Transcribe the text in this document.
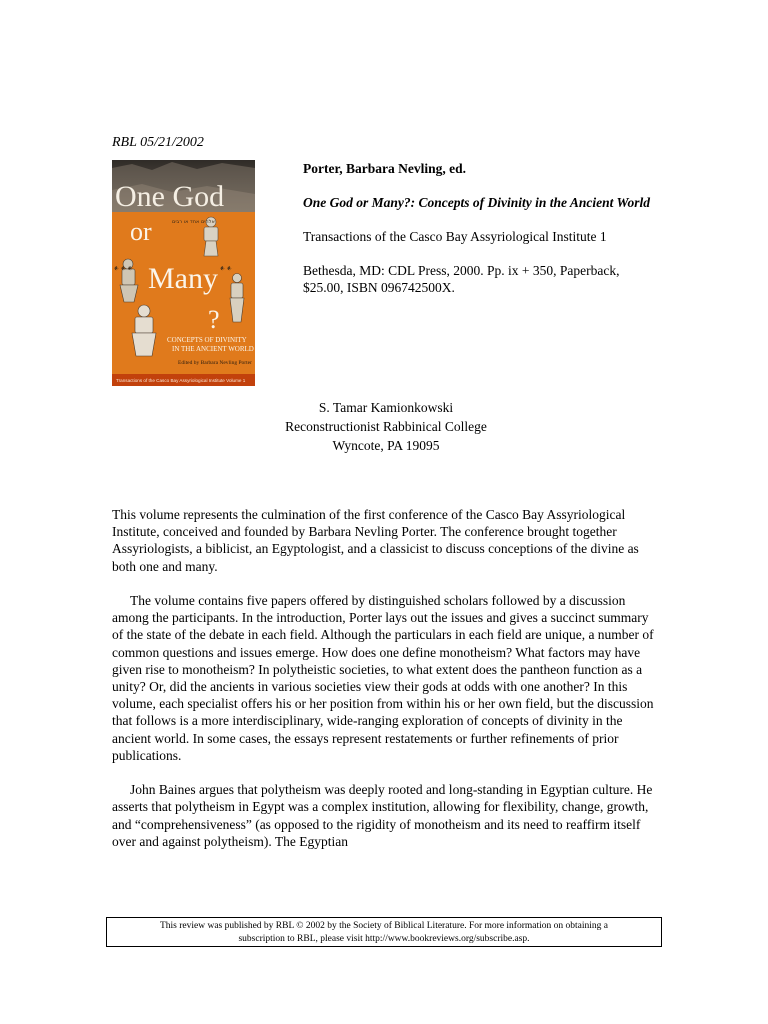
RBL 05/21/2002
One God
or
Many
?
אלהים אחד או רבים
𒀭 𒀭 𒀭	𒀭 𒀭
CONCEPTS OF DIVINITY
IN THE ANCIENT WORLD
Edited by Barbara Nevling Porter
Transactions of the Casco Bay Assyriological Institute Volume 1

Porter, Barbara Nevling, ed.

One God or Many?: Concepts of Divinity in the Ancient World

Transactions of the Casco Bay Assyriological Institute 1

Bethesda, MD: CDL Press, 2000. Pp. ix + 350, Paperback, $25.00, ISBN 096742500X.

S. Tamar Kamionkowski
Reconstructionist Rabbinical College
Wyncote, PA 19095

This volume represents the culmination of the first conference of the Casco Bay Assyriological Institute, conceived and founded by Barbara Nevling Porter. The conference brought together Assyriologists, a biblicist, an Egyptologist, and a classicist to discuss conceptions of the divine as both one and many.

The volume contains five papers offered by distinguished scholars followed by a discussion among the participants. In the introduction, Porter lays out the issues and gives a succinct summary of the state of the debate in each field. Although the particulars in each field are unique, a number of common questions and issues emerge. How does one define monotheism? What factors may have given rise to monotheism? In polytheistic societies, to what extent does the pantheon function as a unity? Or, did the ancients in various societies view their gods at odds with one another? In this volume, each specialist offers his or her position from within his or her own field, but the discussion that follows is a more interdisciplinary, wide-ranging exploration of concepts of divinity in the ancient world. In some cases, the essays represent restatements or further refinements of prior publications.

John Baines argues that polytheism was deeply rooted and long-standing in Egyptian culture. He asserts that polytheism in Egypt was a complex institution, allowing for flexibility, change, growth, and “comprehensiveness” (as opposed to the rigidity of monotheism and its need to reaffirm itself over and against polytheism). The Egyptian

This review was published by RBL © 2002 by the Society of Biblical Literature. For more information on obtaining a
subscription to RBL, please visit http://www.bookreviews.org/subscribe.asp.
